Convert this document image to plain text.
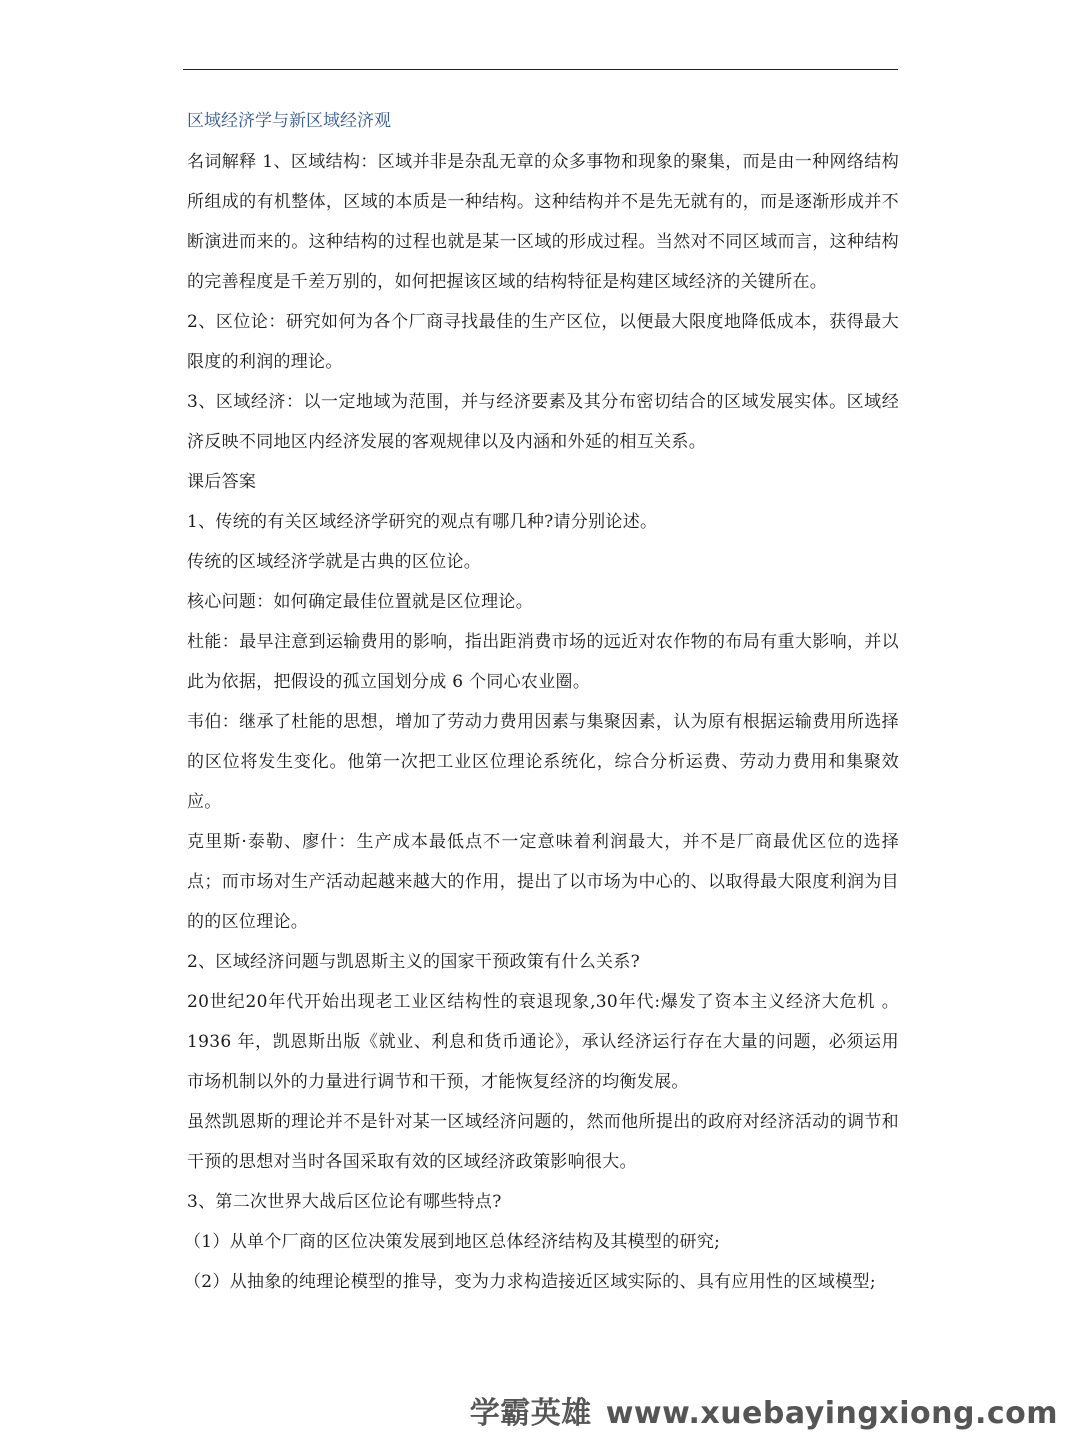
区域经济学与新区域经济观

名词解释 1、区域结构：区域并非是杂乱无章的众多事物和现象的聚集，而是由一种网络结构所组成的有机整体，区域的本质是一种结构。这种结构并不是先无就有的，而是逐渐形成并不断演进而来的。这种结构的过程也就是某一区域的形成过程。当然对不同区域而言，这种结构的完善程度是千差万别的，如何把握该区域的结构特征是构建区域经济的关键所在。

2、区位论：研究如何为各个厂商寻找最佳的生产区位，以便最大限度地降低成本，获得最大限度的利润的理论。

3、区域经济：以一定地域为范围，并与经济要素及其分布密切结合的区域发展实体。区域经济反映不同地区内经济发展的客观规律以及内涵和外延的相互关系。

课后答案

1、传统的有关区域经济学研究的观点有哪几种?请分别论述。

传统的区域经济学就是古典的区位论。

核心问题：如何确定最佳位置就是区位理论。

杜能：最早注意到运输费用的影响，指出距消费市场的远近对农作物的布局有重大影响，并以此为依据，把假设的孤立国划分成 6 个同心农业圈。

韦伯：继承了杜能的思想，增加了劳动力费用因素与集聚因素，认为原有根据运输费用所选择的区位将发生变化。他第一次把工业区位理论系统化，综合分析运费、劳动力费用和集聚效应。

克里斯·泰勒、廖什：生产成本最低点不一定意味着利润最大，并不是厂商最优区位的选择点；而市场对生产活动起越来越大的作用，提出了以市场为中心的、以取得最大限度利润为目的的区位理论。

2、区域经济问题与凯恩斯主义的国家干预政策有什么关系?

20世纪20年代开始出现老工业区结构性的衰退现象,30年代:爆发了资本主义经济大危机 。1936 年，凯恩斯出版《就业、利息和货币通论》，承认经济运行存在大量的问题，必须运用市场机制以外的力量进行调节和干预，才能恢复经济的均衡发展。

虽然凯恩斯的理论并不是针对某一区域经济问题的，然而他所提出的政府对经济活动的调节和干预的思想对当时各国采取有效的区域经济政策影响很大。

3、第二次世界大战后区位论有哪些特点?

（1）从单个厂商的区位决策发展到地区总体经济结构及其模型的研究;

（2）从抽象的纯理论模型的推导，变为力求构造接近区域实际的、具有应用性的区域模型;

学霸英雄 www.xuebayingxiong.com
